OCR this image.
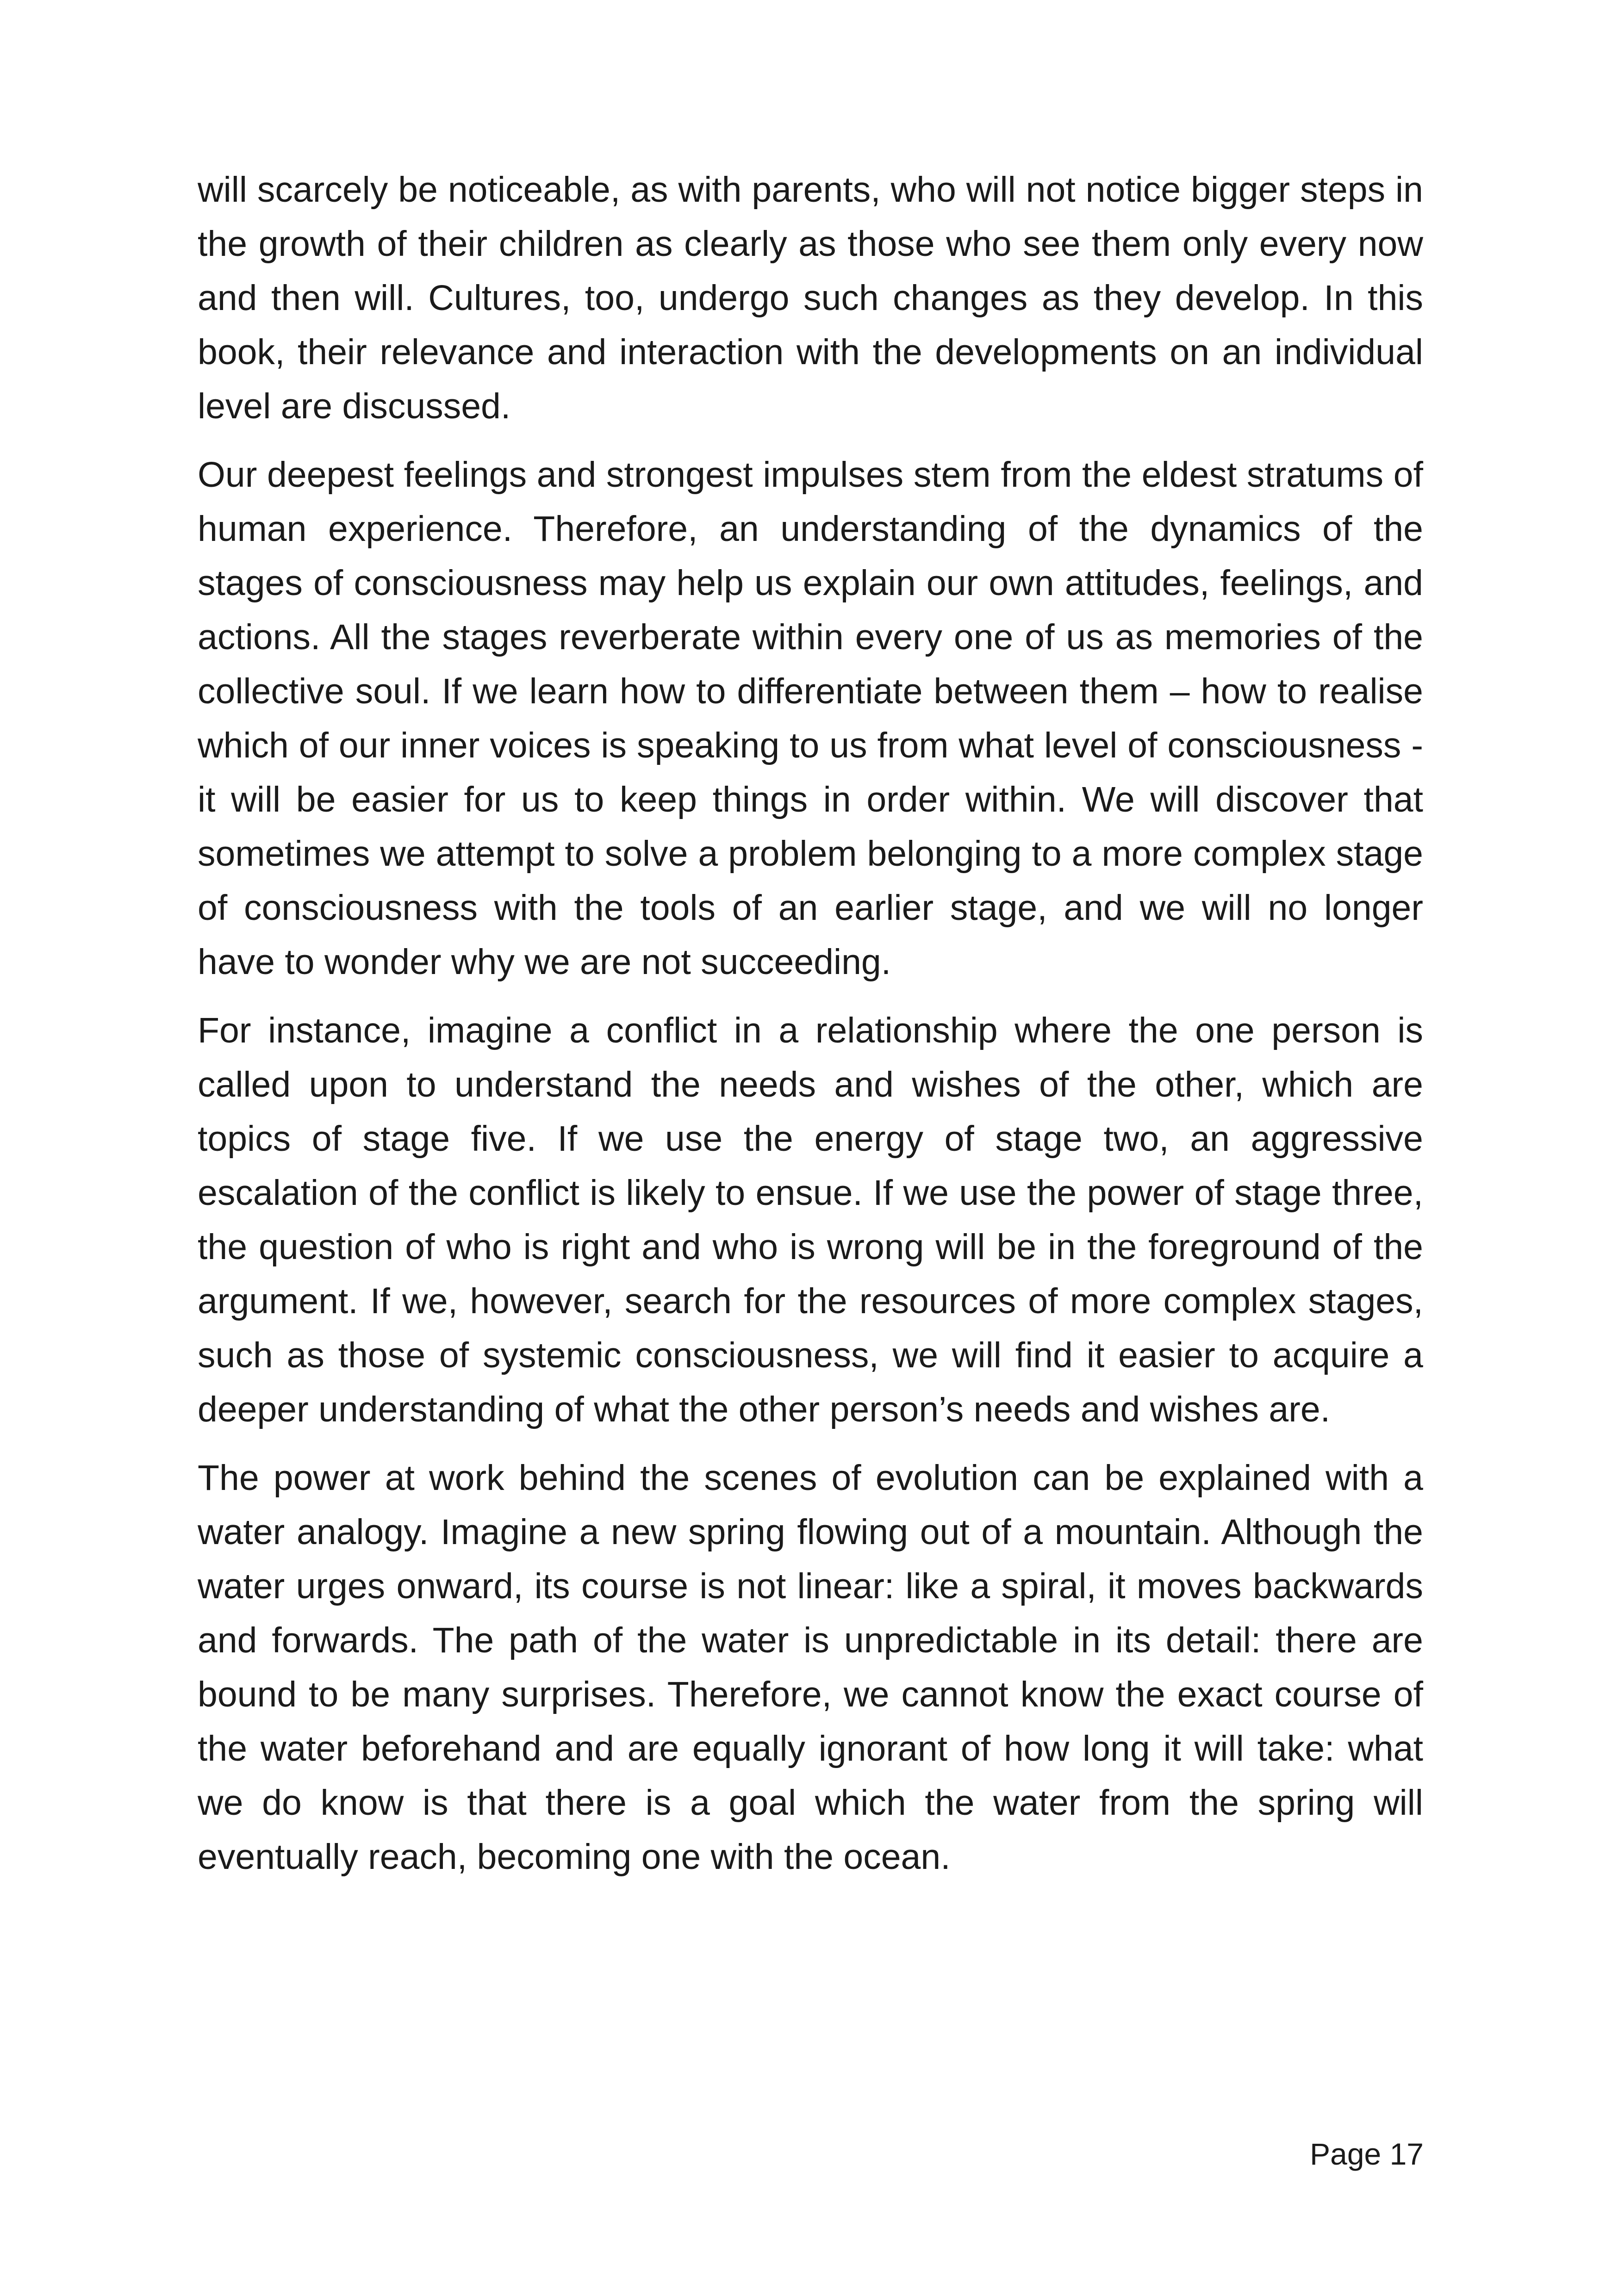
will scarcely be noticeable, as with parents, who will not notice bigger steps in the growth of their children as clearly as those who see them only every now and then will. Cultures, too, undergo such changes as they develop. In this book, their relevance and interaction with the developments on an individual level are discussed.

Our deepest feelings and strongest impulses stem from the eldest stratums of human experience. Therefore, an understanding of the dynamics of the stages of consciousness may help us explain our own attitudes, feelings, and actions. All the stages reverberate within every one of us as memories of the collective soul. If we learn how to differentiate between them – how to realise which of our inner voices is speaking to us from what level of consciousness - it will be easier for us to keep things in order within. We will discover that sometimes we attempt to solve a problem belonging to a more complex stage of consciousness with the tools of an earlier stage, and we will no longer have to wonder why we are not succeeding.

For instance, imagine a conflict in a relationship where the one person is called upon to understand the needs and wishes of the other, which are topics of stage five. If we use the energy of stage two, an aggressive escalation of the conflict is likely to ensue. If we use the power of stage three, the question of who is right and who is wrong will be in the foreground of the argument. If we, however, search for the resources of more complex stages, such as those of systemic consciousness, we will find it easier to acquire a deeper understanding of what the other person’s needs and wishes are.

The power at work behind the scenes of evolution can be explained with a water analogy. Imagine a new spring flowing out of a mountain. Although the water urges onward, its course is not linear: like a spiral, it moves backwards and forwards. The path of the water is unpredictable in its detail: there are bound to be many surprises. Therefore, we cannot know the exact course of the water beforehand and are equally ignorant of how long it will take: what we do know is that there is a goal which the water from the spring will eventually reach, becoming one with the ocean.

Page 17
